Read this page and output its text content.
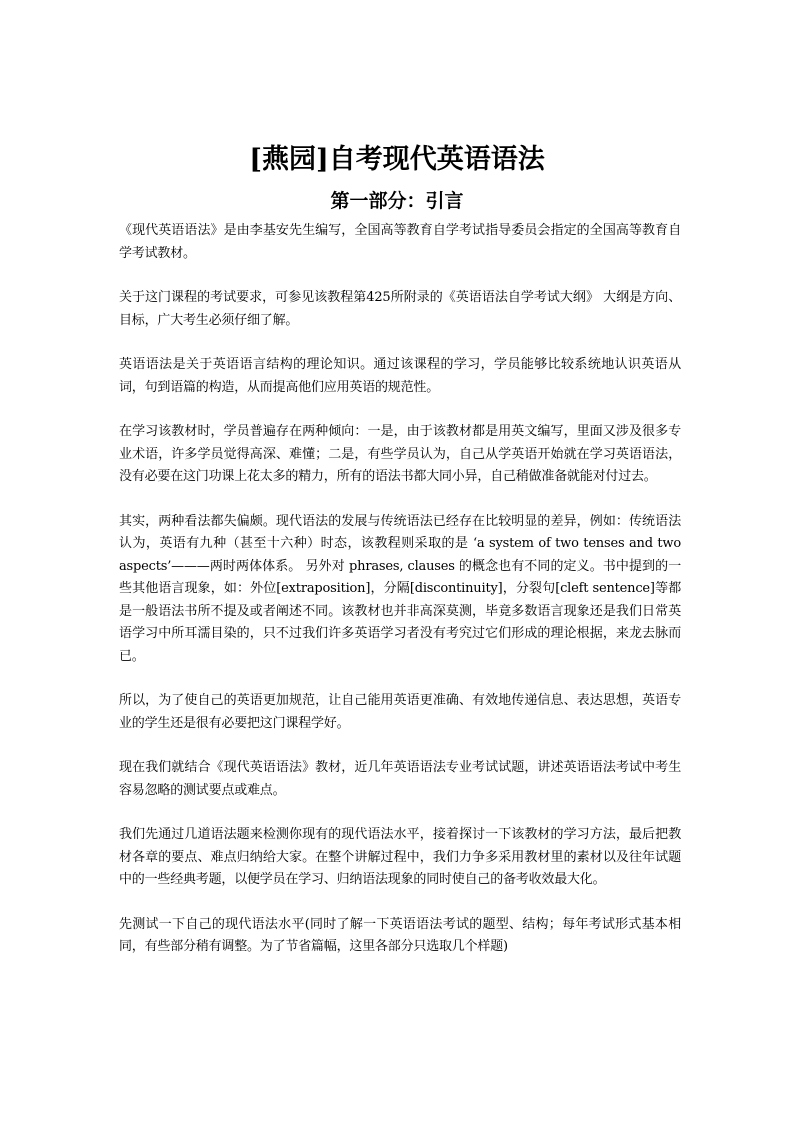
[燕园]自考现代英语语法
第一部分：引言

《现代英语语法》是由李基安先生编写，全国高等教育自学考试指导委员会指定的全国高等教育自学考试教材。

关于这门课程的考试要求，可参见该教程第425所附录的《英语语法自学考试大纲》 大纲是方向、目标，广大考生必须仔细了解。

英语语法是关于英语语言结构的理论知识。通过该课程的学习，学员能够比较系统地认识英语从词，句到语篇的构造，从而提高他们应用英语的规范性。

在学习该教材时，学员普遍存在两种倾向：一是，由于该教材都是用英文编写，里面又涉及很多专业术语，许多学员觉得高深、难懂；二是，有些学员认为，自己从学英语开始就在学习英语语法，没有必要在这门功课上花太多的精力，所有的语法书都大同小异，自己稍做准备就能对付过去。

其实，两种看法都失偏颇。现代语法的发展与传统语法已经存在比较明显的差异，例如：传统语法认为，英语有九种（甚至十六种）时态，该教程则采取的是 ‘a system of two tenses and two aspects’———两时两体体系。 另外对 phrases, clauses 的概念也有不同的定义。书中提到的一些其他语言现象，如：外位[extraposition]，分隔[discontinuity]，分裂句[cleft sentence]等都是一般语法书所不提及或者阐述不同。该教材也并非高深莫测，毕竟多数语言现象还是我们日常英语学习中所耳濡目染的，只不过我们许多英语学习者没有考究过它们形成的理论根据，来龙去脉而已。

所以，为了使自己的英语更加规范，让自己能用英语更准确、有效地传递信息、表达思想，英语专业的学生还是很有必要把这门课程学好。

现在我们就结合《现代英语语法》教材，近几年英语语法专业考试试题，讲述英语语法考试中考生容易忽略的测试要点或难点。

我们先通过几道语法题来检测你现有的现代语法水平，接着探讨一下该教材的学习方法，最后把教材各章的要点、难点归纳给大家。在整个讲解过程中，我们力争多采用教材里的素材以及往年试题中的一些经典考题，以便学员在学习、归纳语法现象的同时使自己的备考收效最大化。

先测试一下自己的现代语法水平(同时了解一下英语语法考试的题型、结构；每年考试形式基本相同，有些部分稍有调整。为了节省篇幅，这里各部分只选取几个样题)
